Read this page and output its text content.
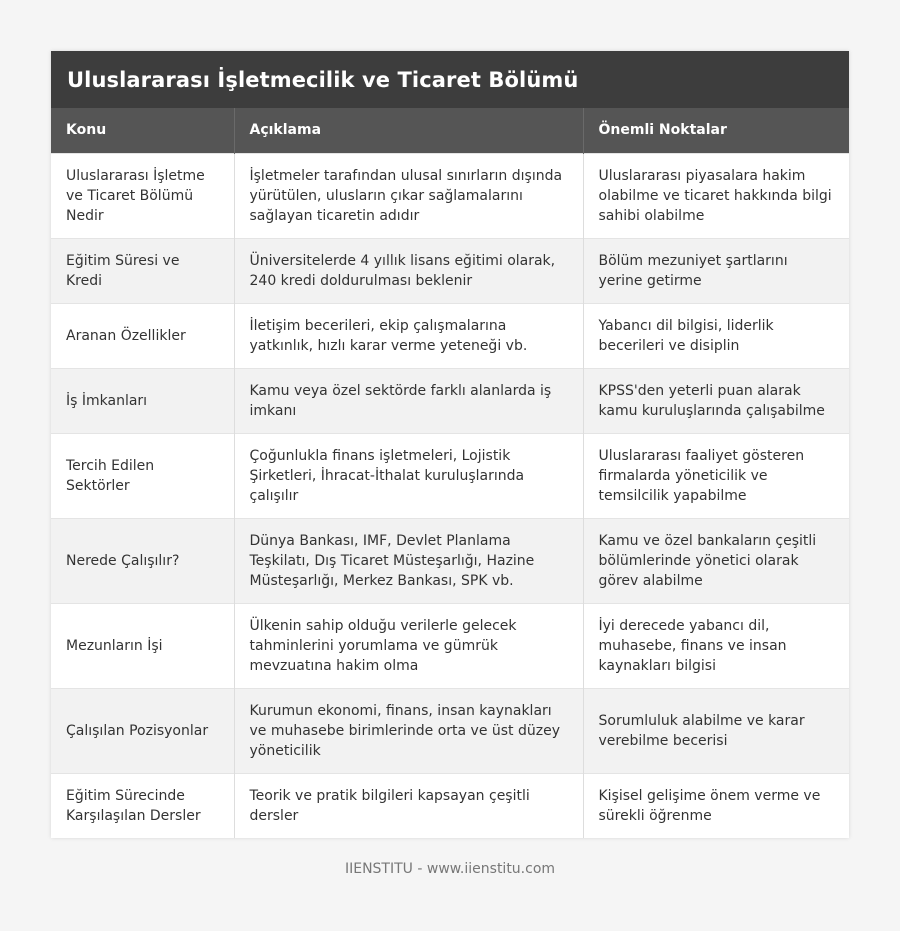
Uluslararası İşletmecilik ve Ticaret Bölümü
Konu	Açıklama	Önemli Noktalar
Uluslararası İşletme ve Ticaret Bölümü Nedir	İşletmeler tarafından ulusal sınırların dışında yürütülen, ulusların çıkar sağlamalarını sağlayan ticaretin adıdır	Uluslararası piyasalara hakim olabilme ve ticaret hakkında bilgi sahibi olabilme
Eğitim Süresi ve Kredi	Üniversitelerde 4 yıllık lisans eğitimi olarak, 240 kredi doldurulması beklenir	Bölüm mezuniyet şartlarını yerine getirme
Aranan Özellikler	İletişim becerileri, ekip çalışmalarına yatkınlık, hızlı karar verme yeteneği vb.	Yabancı dil bilgisi, liderlik becerileri ve disiplin
İş İmkanları	Kamu veya özel sektörde farklı alanlarda iş imkanı	KPSS'den yeterli puan alarak kamu kuruluşlarında çalışabilme
Tercih Edilen Sektörler	Çoğunlukla finans işletmeleri, Lojistik Şirketleri, İhracat-İthalat kuruluşlarında çalışılır	Uluslararası faaliyet gösteren firmalarda yöneticilik ve temsilcilik yapabilme
Nerede Çalışılır?	Dünya Bankası, IMF, Devlet Planlama Teşkilatı, Dış Ticaret Müsteşarlığı, Hazine Müsteşarlığı, Merkez Bankası, SPK vb.	Kamu ve özel bankaların çeşitli bölümlerinde yönetici olarak görev alabilme
Mezunların İşi	Ülkenin sahip olduğu verilerle gelecek tahminlerini yorumlama ve gümrük mevzuatına hakim olma	İyi derecede yabancı dil, muhasebe, finans ve insan kaynakları bilgisi
Çalışılan Pozisyonlar	Kurumun ekonomi, finans, insan kaynakları ve muhasebe birimlerinde orta ve üst düzey yöneticilik	Sorumluluk alabilme ve karar verebilme becerisi
Eğitim Sürecinde Karşılaşılan Dersler	Teorik ve pratik bilgileri kapsayan çeşitli dersler	Kişisel gelişime önem verme ve sürekli öğrenme
IIENSTITU - www.iienstitu.com
